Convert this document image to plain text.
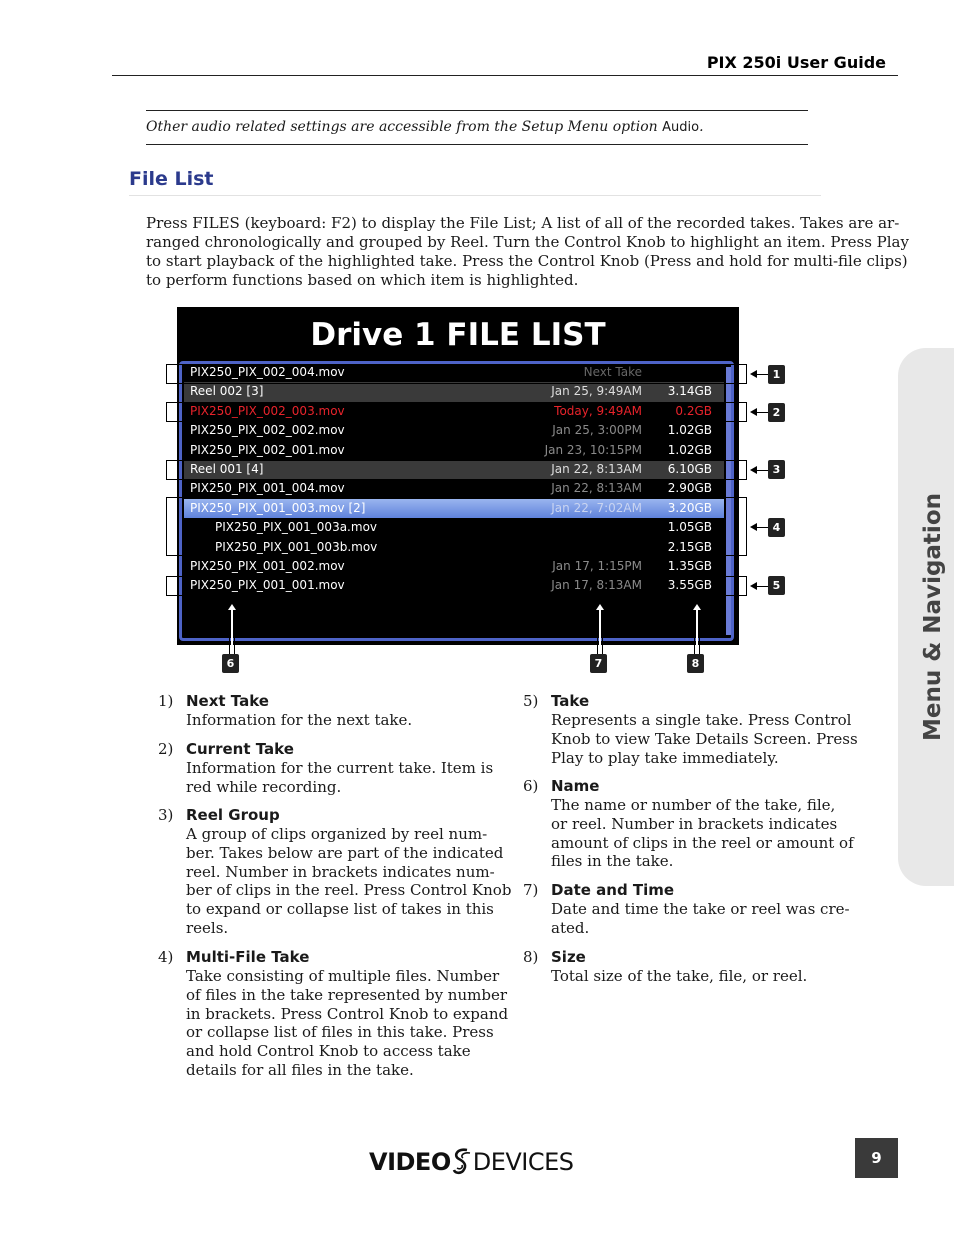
PIX 250i User Guide
Other audio related settings are accessible from the Setup Menu option Audio.
File List

Press FILES (keyboard: F2) to display the File List; A list of all of the recorded takes. Takes are ar-

ranged chronologically and grouped by Reel. Turn the Control Knob to highlight an item. Press Play

to start playback of the highlighted take. Press the Control Knob (Press and hold for multi-file clips)

to perform functions based on which item is highlighted.

Drive 1 FILE LIST
PIX250_PIX_002_004.mov	Next Take
Reel 002 [3]	Jan 25, 9:49AM 3.14GB
PIX250_PIX_002_003.mov	Today, 9:49AM	0.2GB
PIX250_PIX_002_002.mov	Jan 25, 3:00PM 1.02GB
PIX250_PIX_002_001.mov	Jan 23, 10:15PM 1.02GB
Reel 001 [4]	Jan 22, 8:13AM 6.10GB
PIX250_PIX_001_004.mov	Jan 22, 8:13AM 2.90GB
PIX250_PIX_001_003.mov [2]	Jan 22, 7:02AM 3.20GB
PIX250_PIX_001_003a.mov	1.05GB
PIX250_PIX_001_003b.mov	2.15GB
PIX250_PIX_001_002.mov	Jan 17, 1:15PM 1.35GB
PIX250_PIX_001_001.mov	Jan 17, 8:13AM 3.55GB
1
2
3
4
5
6	7	8
1) Next Take

Information for the next take.

2) Current Take

Information for the current take. Item is

red while recording.

3) Reel Group

A group of clips organized by reel num-

ber. Takes below are part of the indicated

reel. Number in brackets indicates num-

ber of clips in the reel. Press Control Knob

to expand or collapse list of takes in this

reels.

4) Multi-File Take

Take consisting of multiple files. Number

of files in the take represented by number

in brackets. Press Control Knob to expand

or collapse list of files in this take. Press

and hold Control Knob to access take

details for all files in the take.

5) Take

Represents a single take. Press Control

Knob to view Take Details Screen. Press

Play to play take immediately.

6) Name

The name or number of the take, file,

or reel. Number in brackets indicates

amount of clips in the reel or amount of

files in the take.

7) Date and Time

Date and time the take or reel was cre-

ated.

8) Size

Total size of the take, file, or reel.

Menu & Navigation
VIDEO DEVICES	9
